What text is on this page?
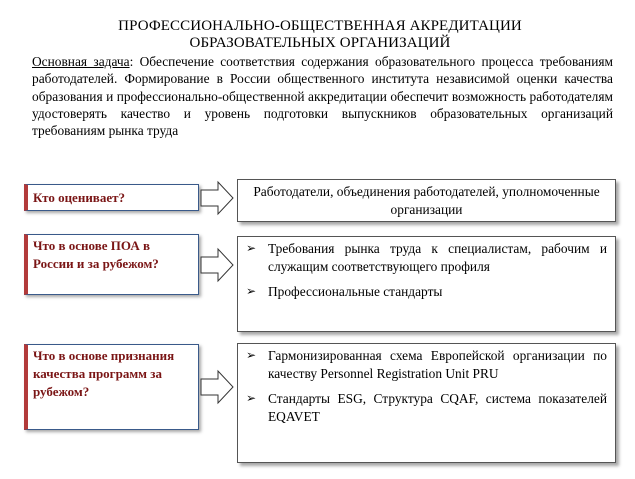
ПРОФЕССИОНАЛЬНО-ОБЩЕСТВЕННАЯ АКРЕДИТАЦИИ
ОБРАЗОВАТЕЛЬНЫХ ОРГАНИЗАЦИЙ
Основная задача: Обеспечение соответствия содержания образовательного процесса требованиям работодателей. Формирование в России общественного института независимой оценки качества образования и профессионально-общественной аккредитации обеспечит возможность работодателям удостоверять качество и уровень подготовки выпускников образовательных организаций требованиям рынка труда
Кто оценивает?	Работодатели, объединения работодателей, уполномоченные организации
Что в основе ПОА в России и за рубежом?
➢ Требования рынка труда к специалистам, рабочим и служащим соответствующего профиля
➢ Профессиональные стандарты
Что в основе признания качества программ за рубежом?
➢ Гармонизированная схема Европейской организации по качеству Personnel Registration Unit PRU
➢ Стандарты ESG, Структура CQAF, система показателей EQAVET
